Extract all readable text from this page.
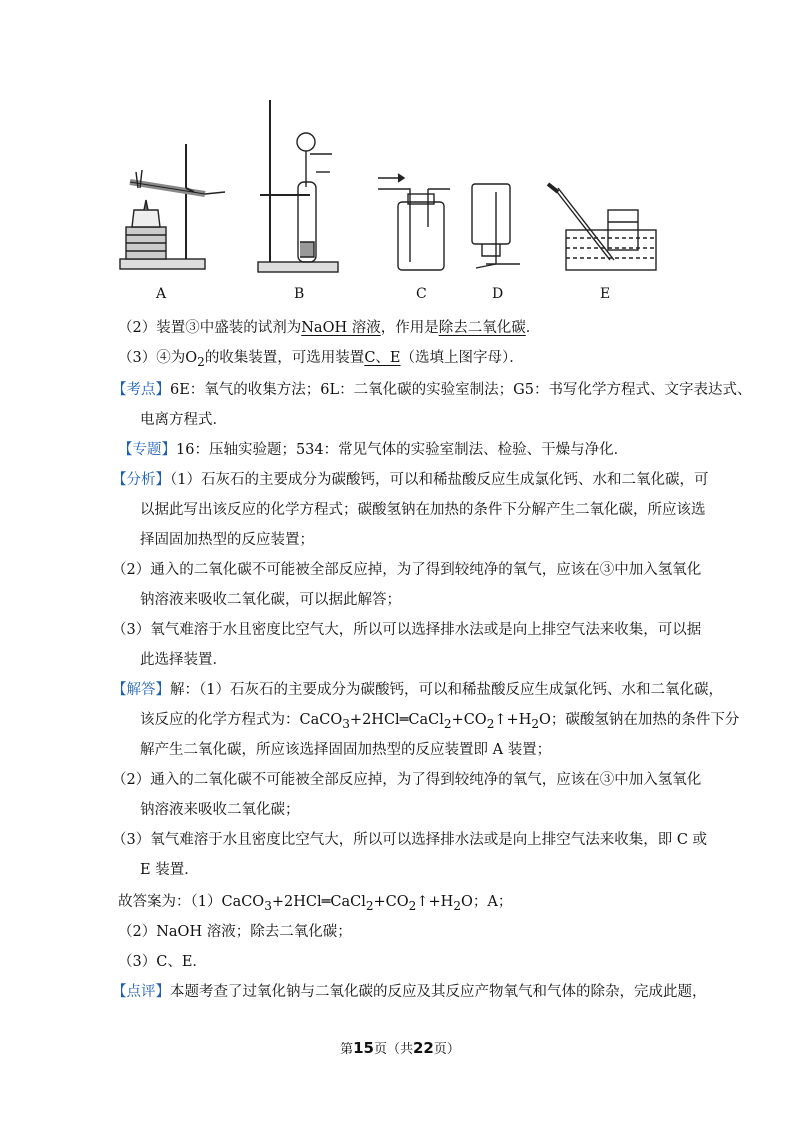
A	B	C	D	E
（2）装置③中盛装的试剂为NaOH 溶液，作用是除去二氧化碳．
（3）④为$O_2$的收集装置，可选用装置C、E（选填上图字母）．
【考点】6E：氧气的收集方法；6L：二氧化碳的实验室制法；G5：书写化学方程式、文字表达式、
电离方程式．
【专题】16：压轴实验题；534：常见气体的实验室制法、检验、干燥与净化．
【分析】（1）石灰石的主要成分为碳酸钙，可以和稀盐酸反应生成氯化钙、水和二氧化碳，可
以据此写出该反应的化学方程式；碳酸氢钠在加热的条件下分解产生二氧化碳，所应该选
择固固加热型的反应装置；
（2）通入的二氧化碳不可能被全部反应掉，为了得到较纯净的氧气，应该在③中加入氢氧化
钠溶液来吸收二氧化碳，可以据此解答；
（3）氧气难溶于水且密度比空气大，所以可以选择排水法或是向上排空气法来收集，可以据
此选择装置．
【解答】解：（1）石灰石的主要成分为碳酸钙，可以和稀盐酸反应生成氯化钙、水和二氧化碳，
该反应的化学方程式为：$CaCO_3+2HCl═CaCl_2+CO_2↑+H_2O$；碳酸氢钠在加热的条件下分
解产生二氧化碳，所应该选择固固加热型的反应装置即 A 装置；
（2）通入的二氧化碳不可能被全部反应掉，为了得到较纯净的氧气，应该在③中加入氢氧化
钠溶液来吸收二氧化碳；
（3）氧气难溶于水且密度比空气大，所以可以选择排水法或是向上排空气法来收集，即 C 或
E 装置．
故答案为：$(1)CaCO_3+2HCl═CaCl_2+CO_2↑+H_2O$；A；
（2）NaOH 溶液；除去二氧化碳；
（3）C、E．
【点评】本题考查了过氧化钠与二氧化碳的反应及其反应产物氧气和气体的除杂，完成此题，
第15页（共22页）
